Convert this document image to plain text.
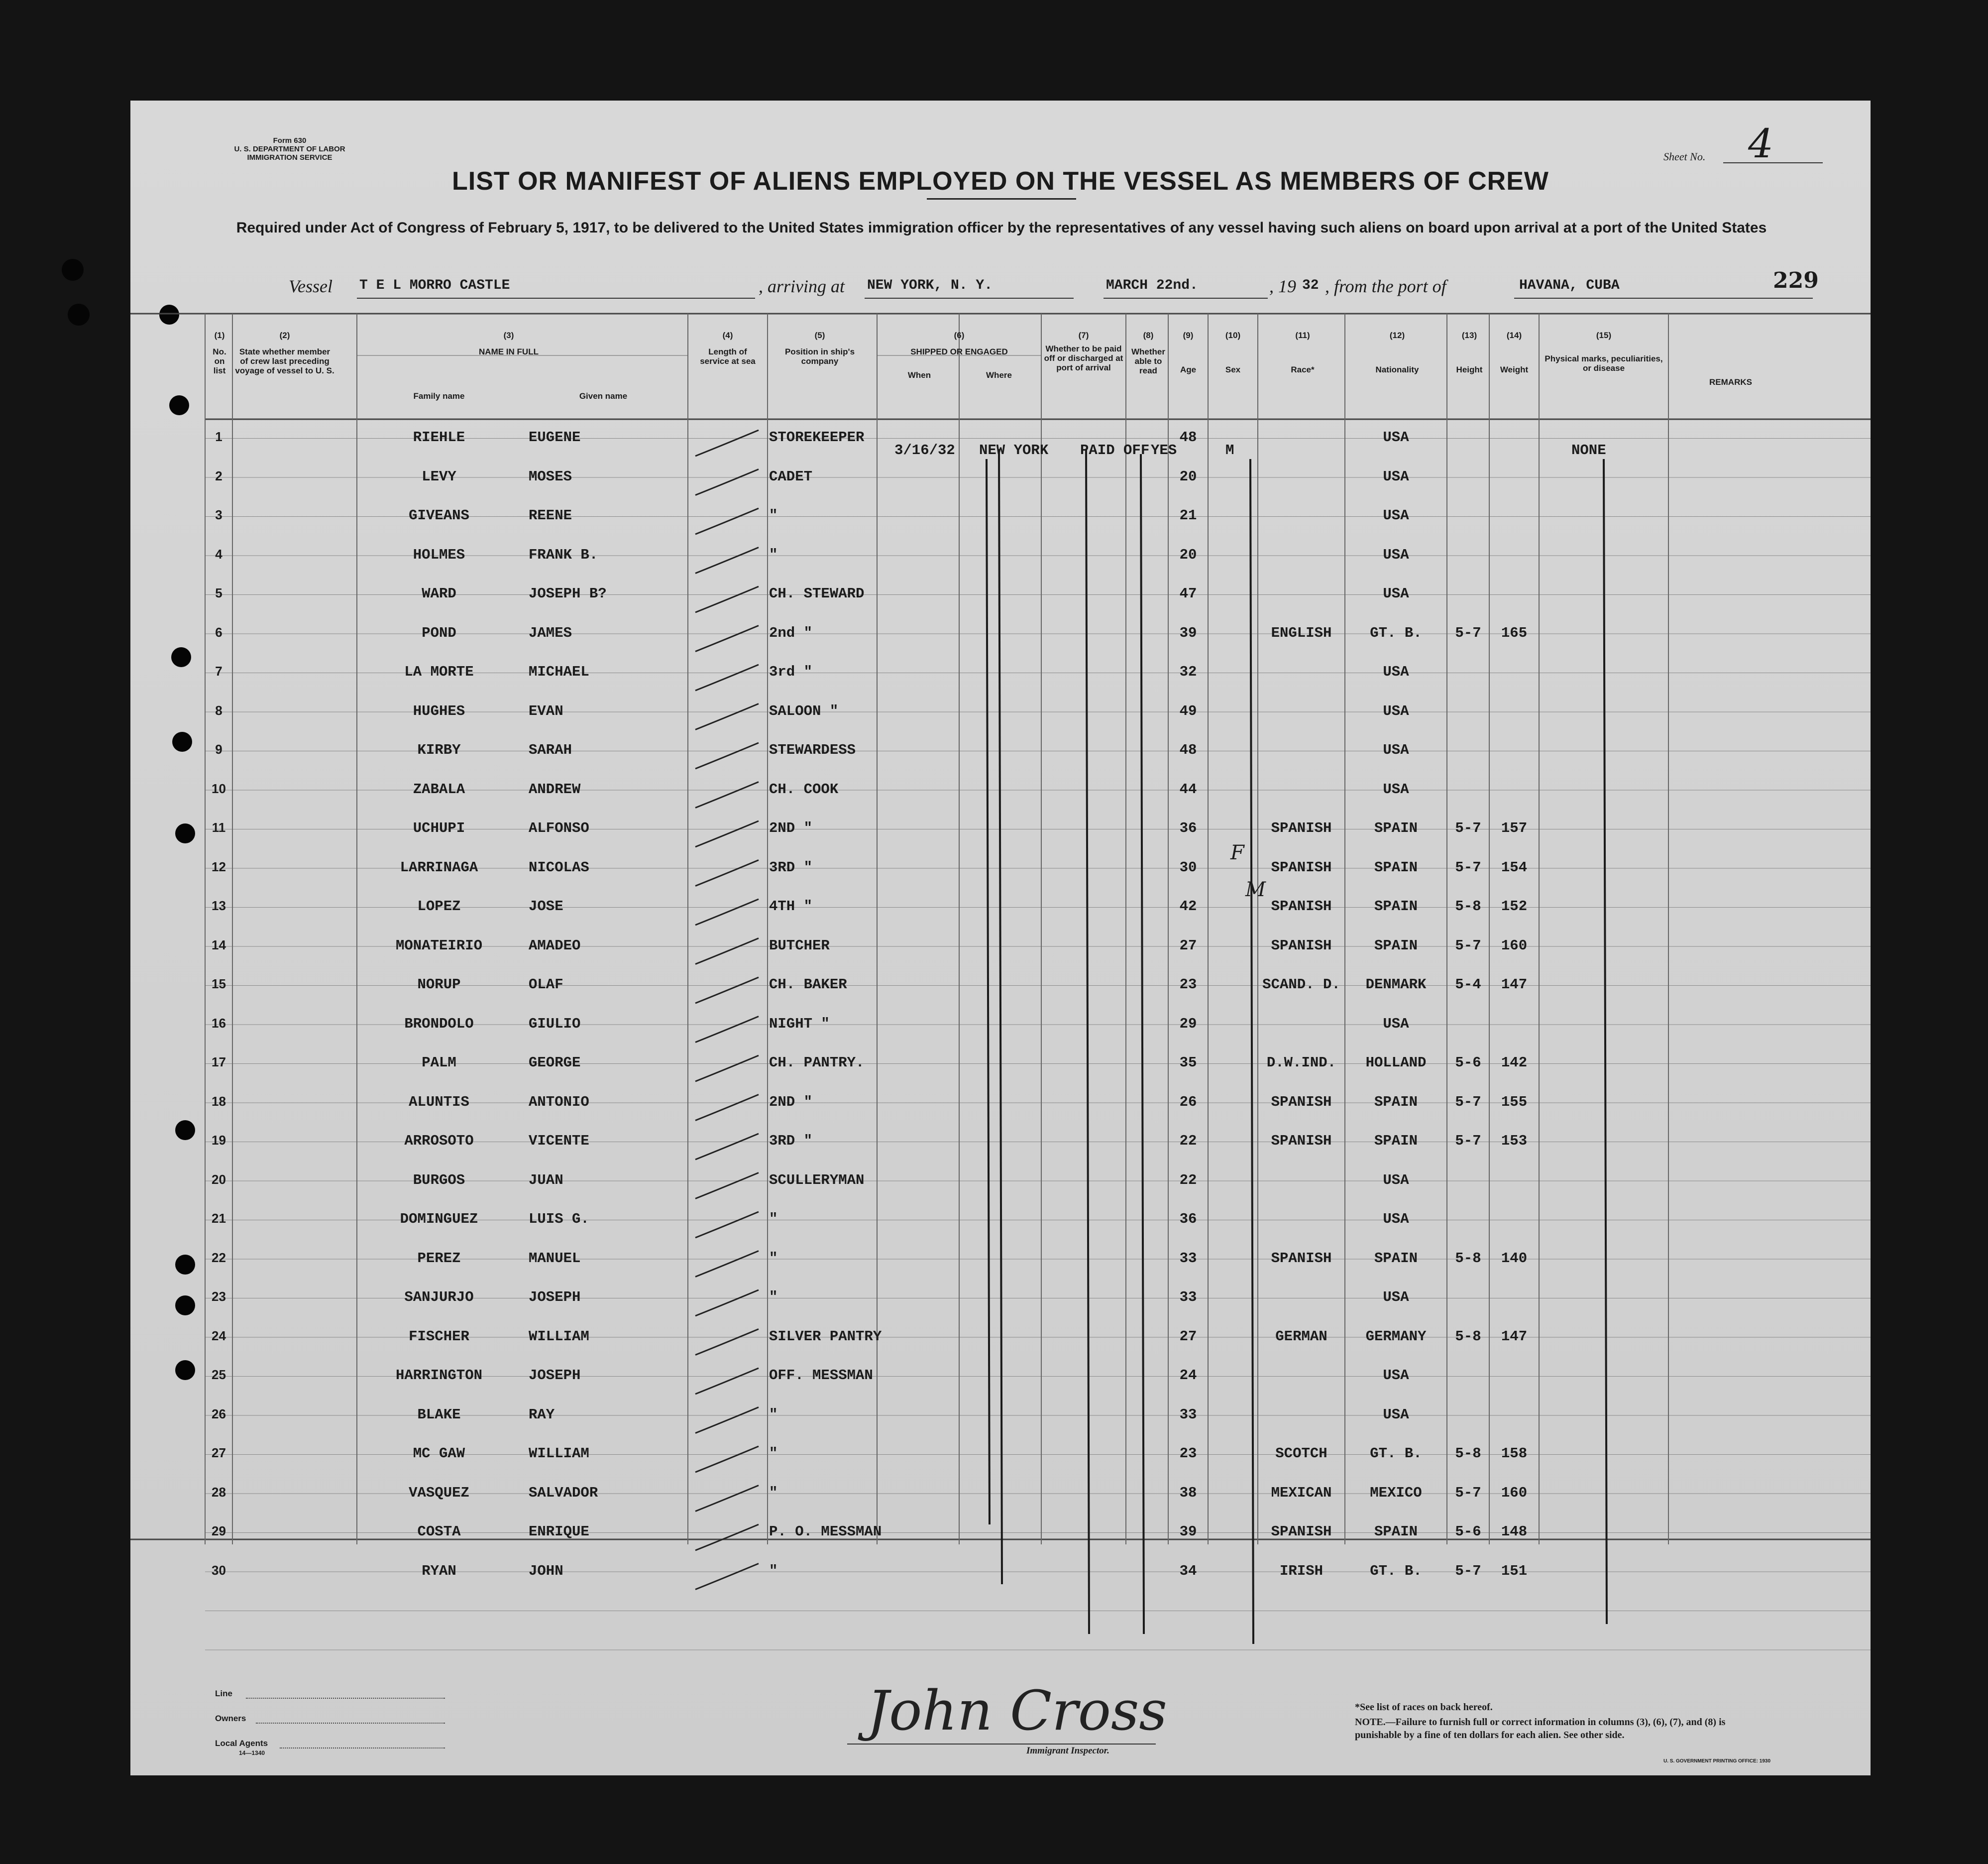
Form 630
U. S. DEPARTMENT OF LABOR
IMMIGRATION SERVICE	Sheet No. 4
LIST OR MANIFEST OF ALIENS EMPLOYED ON THE VESSEL AS MEMBERS OF CREW
Required under Act of Congress of February 5, 1917, to be delivered to the United States immigration officer by the representatives of any vessel having such aliens on board upon arrival at a port of the United States
Vessel T E L MORRO CASTLE	, arriving at NEW YORK, N. Y.	MARCH 22nd.	, 19 32 , from the port of	HAVANA, CUBA	229
(1)
No. on list
(2)
State whether member of crew last preceding voyage of vessel to U. S.
(3)
NAME IN FULL
Family name	Given name
(4)
Length of service at sea
(5)
Position in ship's company
(6)
SHIPPED OR ENGAGED
When	Where
(7)
Whether to be paid off or discharged at port of arrival
(8)
Whether able to read
(9)
Age
(10)
Sex
(11)
Race*
(12)
Nationality
(13)
Height
(14)
Weight
(15)
Physical marks, peculiarities, or disease
REMARKS
3/16/32 NEW YORK PAID OFF YES	M	NONE
F
M
1	RIEHLE	EUGENE	STOREKEEPER	48	USA
2	LEVY	MOSES	CADET	20	USA
3	GIVEANS	REENE	"	21	USA
4	HOLMES	FRANK B.	"	20	USA
5	WARD	JOSEPH B?	CH. STEWARD	47	USA
6	POND	JAMES	2nd "	39	ENGLISH	GT. B.	5-7	165
7	LA MORTE	MICHAEL	3rd "	32	USA
8	HUGHES	EVAN	SALOON "	49	USA
9	KIRBY	SARAH	STEWARDESS	48	USA
10	ZABALA	ANDREW	CH. COOK	44	USA
11	UCHUPI	ALFONSO	2ND "	36	SPANISH	SPAIN	5-7	157
12	LARRINAGA	NICOLAS	3RD "	30	SPANISH	SPAIN	5-7	154
13	LOPEZ	JOSE	4TH "	42	SPANISH	SPAIN	5-8	152
14	MONATEIRIO	AMADEO	BUTCHER	27	SPANISH	SPAIN	5-7	160
15	NORUP	OLAF	CH. BAKER	23	SCAND. D.	DENMARK	5-4	147
16	BRONDOLO	GIULIO	NIGHT "	29	USA
17	PALM	GEORGE	CH. PANTRY.	35	D.W.IND.	HOLLAND	5-6	142
18	ALUNTIS	ANTONIO	2ND "	26	SPANISH	SPAIN	5-7	155
19	ARROSOTO	VICENTE	3RD "	22	SPANISH	SPAIN	5-7	153
20	BURGOS	JUAN	SCULLERYMAN	22	USA
21	DOMINGUEZ	LUIS G.	"	36	USA
22	PEREZ	MANUEL	"	33	SPANISH	SPAIN	5-8	140
23	SANJURJO	JOSEPH	"	33	USA
24	FISCHER	WILLIAM	SILVER PANTRY	27	GERMAN	GERMANY	5-8	147
25	HARRINGTON	JOSEPH	OFF. MESSMAN	24	USA
26	BLAKE	RAY	"	33	USA
27	MC GAW	WILLIAM	"	23	SCOTCH	GT. B.	5-8	158
28	VASQUEZ	SALVADOR	"	38	MEXICAN	MEXICO	5-7	160
29	COSTA	ENRIQUE	P. O. MESSMAN	39	SPANISH	SPAIN	5-6	148
30	RYAN	JOHN	"	34	IRISH	GT. B.	5-7	151
Line
Owners
Local Agents
14—1340
John Cross
Immigrant Inspector.
*See list of races on back hereof.
NOTE.—Failure to furnish full or correct information in columns (3), (6), (7), and (8) is punishable by a fine of ten dollars for each alien. See other side.
U. S. GOVERNMENT PRINTING OFFICE: 1930
